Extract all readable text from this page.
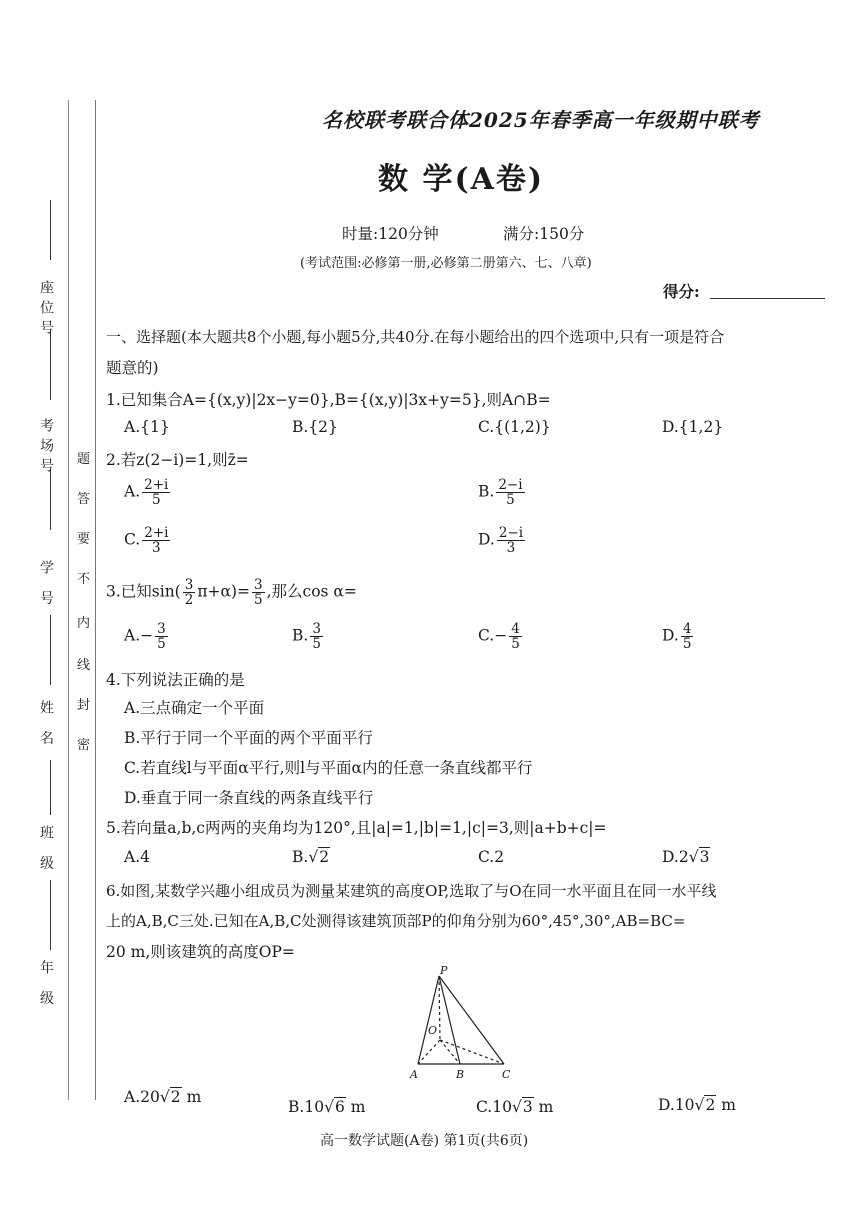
座位号
考场号
学 号
姓 名
班 级
年 级
题
答
要
不
内
线
封
密
名校联考联合体2025年春季高一年级期中联考
数 学(A卷)
时量:120分钟	满分:150分
(考试范围:必修第一册,必修第二册第六、七、八章)
得分:
一、选择题(本大题共8个小题,每小题5分,共40分.在每小题给出的四个选项中,只有一项是符合
题意的)
1.已知集合A={(x,y)|2x−y=0},B={(x,y)|3x+y=5},则A∩B=
A.{1}	B.{2}	C.{(1,2)}	D.{1,2}
2.若z(2−i)=1,则z̄=
A. $\frac{2+i}{5}$	B. $\frac{2-i}{5}$
C. $\frac{2+i}{3}$	D. $\frac{2-i}{3}$
3.已知$\sin( \frac{3}{2} \pi+\alpha)= \frac{3}{5}$ ,那么cos α=
$A.- \frac{3}{5}$	B. $\frac{3}{5}$	$C.- \frac{4}{5}$	D. $\frac{4}{5}$
4.下列说法正确的是
A.三点确定一个平面
B.平行于同一个平面的两个平面平行
C.若直线l与平面α平行,则l与平面α内的任意一条直线都平行
D.垂直于同一条直线的两条直线平行
5.若向量a,b,c两两的夹角均为120°,且|a|=1,|b|=1,|c|=3,则|a+b+c|=
A.4	B.√2	C.2	D.2√3
6.如图,某数学兴趣小组成员为测量某建筑的高度OP,选取了与O在同一水平面且在同一水平线
上的A,B,C三处.已知在A,B,C处测得该建筑顶部P的仰角分别为60°,45°,30°,AB=BC=
20 m,则该建筑的高度OP=
P
O
A	B	C
A.20√2 m
B.10√6 m	C.10√3 m	D.10√2 m
高一数学试题(A卷) 第1页(共6页)
